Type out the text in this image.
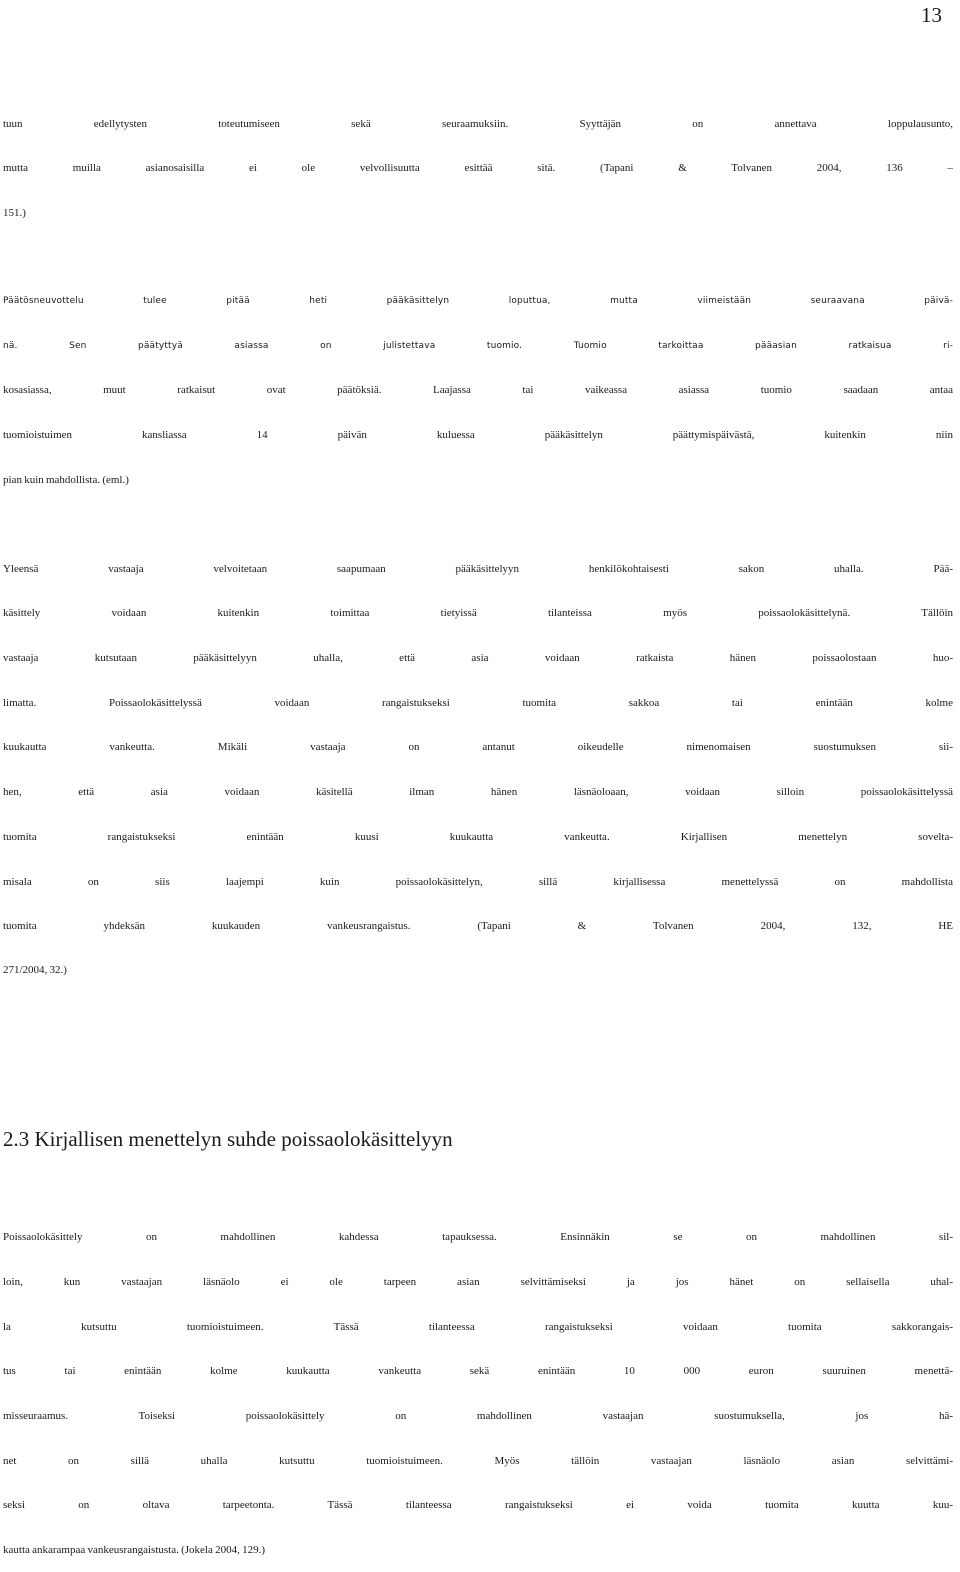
13
tuun edellytysten toteutumiseen sekä seuraamuksiin. Syyttäjän on annettava loppulausunto,
mutta muilla asianosaisilla ei ole velvollisuutta esittää sitä. (Tapani & Tolvanen 2004, 136 –
151.)
Päätösneuvottelu tulee pitää heti pääkäsittelyn loputtua, mutta viimeistään seuraavana päivä-
nä. Sen päätyttyä asiassa on julistettava tuomio. Tuomio tarkoittaa pääasian ratkaisua ri-
kosasiassa, muut ratkaisut ovat päätöksiä. Laajassa tai vaikeassa asiassa tuomio saadaan antaa
tuomioistuimen kansliassa 14 päivän kuluessa pääkäsittelyn päättymispäivästä, kuitenkin niin
pian kuin mahdollista. (eml.)
Yleensä vastaaja velvoitetaan saapumaan pääkäsittelyyn henkilökohtaisesti sakon uhalla. Pää-
käsittely voidaan kuitenkin toimittaa tietyissä tilanteissa myös poissaolokäsittelynä. Tällöin
vastaaja kutsutaan pääkäsittelyyn uhalla, että asia voidaan ratkaista hänen poissaolostaan huo-
limatta. Poissaolokäsittelyssä voidaan rangaistukseksi tuomita sakkoa tai enintään kolme
kuukautta vankeutta. Mikäli vastaaja on antanut oikeudelle nimenomaisen suostumuksen sii-
hen, että asia voidaan käsitellä ilman hänen läsnäoloaan, voidaan silloin poissaolokäsittelyssä
tuomita rangaistukseksi enintään kuusi kuukautta vankeutta. Kirjallisen menettelyn soveltа-
misala on siis laajempi kuin poissaolokäsittelyn, sillä kirjallisessa menettelyssä on mahdollista
tuomita yhdeksän kuukauden vankeusrangaistus. (Tapani & Tolvanen 2004, 132, HE
271/2004, 32.)
2.3 Kirjallisen menettelyn suhde poissaolokäsittelyyn
Poissaolokäsittely on mahdollinen kahdessa tapauksessa. Ensinnäkin se on mahdollinen sil-
loin, kun vastaajan läsnäolo ei ole tarpeen asian selvittämiseksi ja jos hänet on sellaisella uhal-
la kutsuttu tuomioistuimeen. Tässä tilanteessa rangaistukseksi voidaan tuomita sakkorangais-
tus tai enintään kolme kuukautta vankeutta sekä enintään 10 000 euron suuruinen menettä-
misseuraamus. Toiseksi poissaolokäsittely on mahdollinen vastaajan suostumuksella, jos hä-
net on sillä uhalla kutsuttu tuomioistuimeen. Myös tällöin vastaajan läsnäolo asian selvittämi-
seksi on oltava tarpeetonta. Tässä tilanteessa rangaistukseksi ei voida tuomita kuutta kuu-
kautta ankarampaa vankeusrangaistusta. (Jokela 2004, 129.)
